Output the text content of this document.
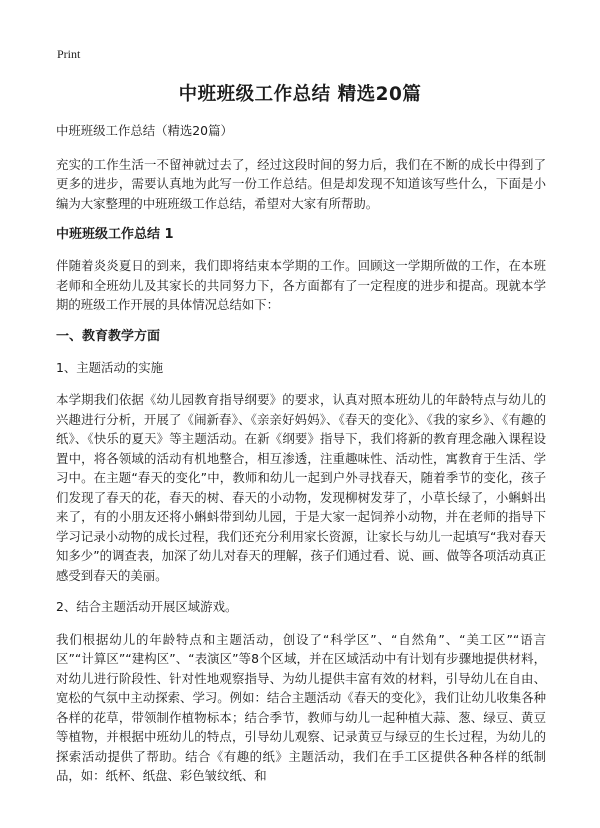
Print
中班班级工作总结 精选20篇

中班班级工作总结（精选20篇）

充实的工作生活一不留神就过去了，经过这段时间的努力后，我们在不断的成长中得到了更多的进步，需要认真地为此写一份工作总结。但是却发现不知道该写些什么，下面是小编为大家整理的中班班级工作总结，希望对大家有所帮助。

中班班级工作总结 1

伴随着炎炎夏日的到来，我们即将结束本学期的工作。回顾这一学期所做的工作，在本班老师和全班幼儿及其家长的共同努力下，各方面都有了一定程度的进步和提高。现就本学期的班级工作开展的具体情况总结如下：

一、教育教学方面

1、主题活动的实施

本学期我们依据《幼儿园教育指导纲要》的要求，认真对照本班幼儿的年龄特点与幼儿的兴趣进行分析，开展了《闹新春》、《亲亲好妈妈》、《春天的变化》、《我的家乡》、《有趣的纸》、《快乐的夏天》等主题活动。在新《纲要》指导下，我们将新的教育理念融入课程设置中，将各领域的活动有机地整合，相互渗透，注重趣味性、活动性，寓教育于生活、学习中。在主题“春天的变化”中，教师和幼儿一起到户外寻找春天，随着季节的变化，孩子们发现了春天的花，春天的树、春天的小动物，发现柳树发芽了，小草长绿了，小蝌蚪出来了，有的小朋友还将小蝌蚪带到幼儿园，于是大家一起饲养小动物，并在老师的指导下学习记录小动物的成长过程，我们还充分利用家长资源，让家长与幼儿一起填写“我对春天知多少”的调查表，加深了幼儿对春天的理解，孩子们通过看、说、画、做等各项活动真正感受到春天的美丽。

2、结合主题活动开展区域游戏。

我们根据幼儿的年龄特点和主题活动，创设了“科学区”、“自然角”、“美工区”“语言区”“计算区”“建构区”、“表演区”等8个区域，并在区域活动中有计划有步骤地提供材料，对幼儿进行阶段性、针对性地观察指导、为幼儿提供丰富有效的材料，引导幼儿在自由、宽松的气氛中主动探索、学习。例如：结合主题活动《春天的变化》，我们让幼儿收集各种各样的花草，带领制作植物标本；结合季节，教师与幼儿一起种植大蒜、葱、绿豆、黄豆等植物，并根据中班幼儿的特点，引导幼儿观察、记录黄豆与绿豆的生长过程，为幼儿的探索活动提供了帮助。结合《有趣的纸》主题活动，我们在手工区提供各种各样的纸制品，如：纸杯、纸盘、彩色皱纹纸、和
